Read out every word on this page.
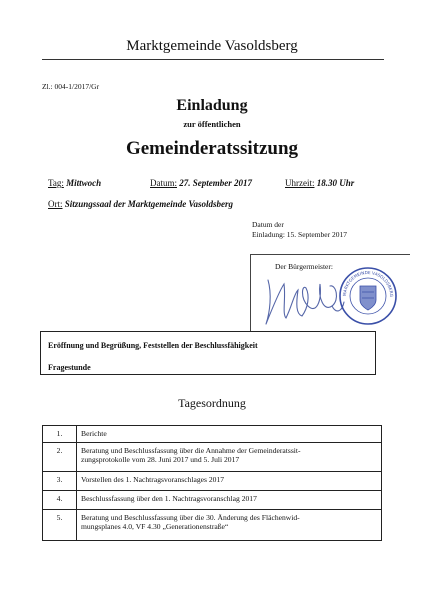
Marktgemeinde Vasoldsberg
Zl.: 004-1/2017/Gr
Einladung
zur öffentlichen
Gemeinderatssitzung
Tag: Mittwoch	Datum: 27. September 2017	Uhrzeit: 18.30 Uhr
Ort: Sitzungssaal der Marktgemeinde Vasoldsberg
Datum der
Einladung: 15. September 2017
Der Bürgermeister:
MARKTGEMEINDE VASOLDSBERG
Eröffnung und Begrüßung, Feststellen der Beschlussfähigkeit
Fragestunde
Tagesordnung
1.	Berichte
2.	Beratung und Beschlussfassung über die Annahme der Gemeinderatssit-
zungsprotokolle vom 28. Juni 2017 und 5. Juli 2017

3.	Vorstellen des 1. Nachtragsvoranschlages 2017
4.	Beschlussfassung über den 1. Nachtragsvoranschlag 2017
5.	Beratung und Beschlussfassung über die 30. Änderung des Flächenwid-
mungsplanes 4.0, VF 4.30 „Generationenstraße“
